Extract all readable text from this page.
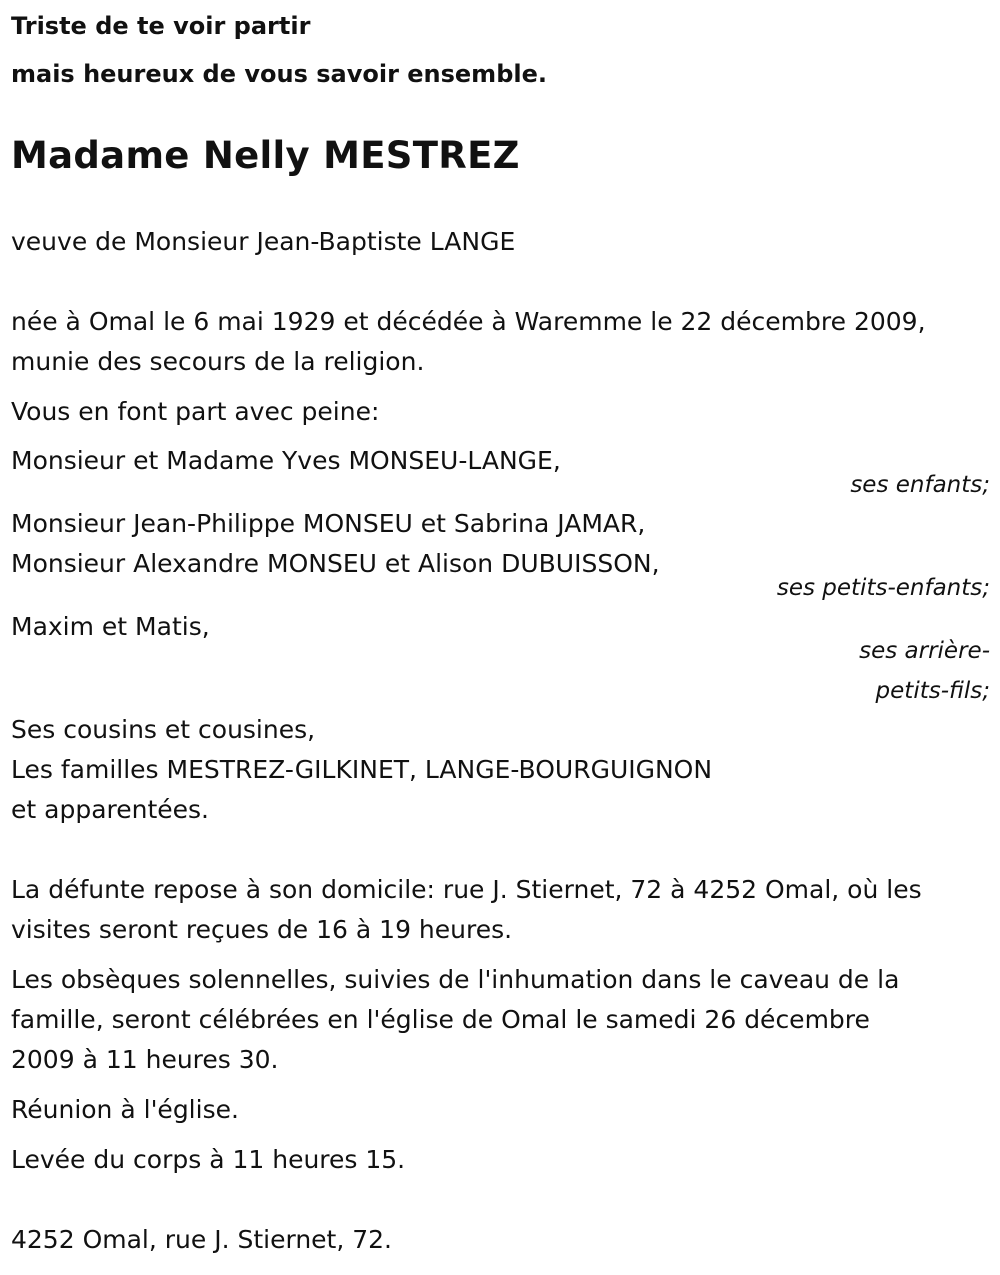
Triste de te voir partir
mais heureux de vous savoir ensemble.
Madame Nelly MESTREZ
veuve de Monsieur Jean-Baptiste LANGE
née à Omal le 6 mai 1929 et décédée à Waremme le 22 décembre 2009,
munie des secours de la religion.
Vous en font part avec peine:
Monsieur et Madame Yves MONSEU-LANGE,
ses enfants;
Monsieur Jean-Philippe MONSEU et Sabrina JAMAR,
Monsieur Alexandre MONSEU et Alison DUBUISSON,
ses petits-enfants;
Maxim et Matis,
ses arrière-
petits-fils;
Ses cousins et cousines,
Les familles MESTREZ-GILKINET, LANGE-BOURGUIGNON
et apparentées.
La défunte repose à son domicile: rue J. Stiernet, 72 à 4252 Omal, où les
visites seront reçues de 16 à 19 heures.
Les obsèques solennelles, suivies de l'inhumation dans le caveau de la
famille, seront célébrées en l'église de Omal le samedi 26 décembre
2009 à 11 heures 30.
Réunion à l'église.
Levée du corps à 11 heures 15.
4252 Omal, rue J. Stiernet, 72.
